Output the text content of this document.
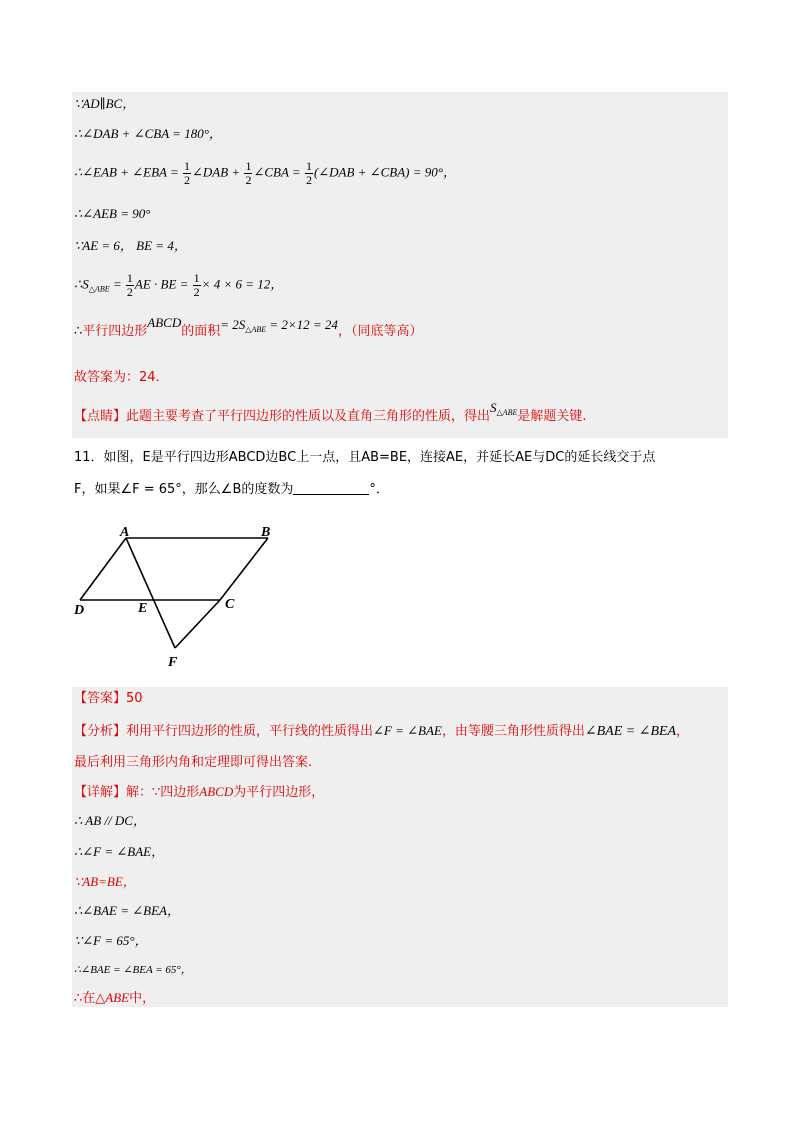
∵AD∥BC，
∴∠DAB + ∠CBA = 180°，
∴∠EAB + ∠EBA = $\frac{1}{2}$ ∠DAB + $\frac{1}{2}$ ∠CBA = $\frac{1}{2}$ (∠DAB + ∠CBA) = 90°，
∴∠AEB = 90°
∵AE = 6， BE = 4，
$\therefore S_{\triangle ABE} = \frac{1}{2}$ AE · BE = $\frac{1}{2} \times 4 \times 6 = 12$，
∴平行四边形ABCD的面积= $2S_{\triangle ABE} = 2\times 12 = 24$，（同底等高）
故答案为：24．
【点睛】此题主要考查了平行四边形的性质以及直角三角形的性质，得出$S_{\triangle ABE}$是解题关键.
11．如图，E是平行四边形ABCD边BC上一点，且AB=BE，连接AE，并延长AE与DC的延长线交于点
F，如果∠F = 65°，那么∠B的度数为	°．
A	B
C
D	E
F
【答案】50
【分析】利用平行四边形的性质，平行线的性质得出∠F = ∠BAE，由等腰三角形性质得出∠BAE = ∠BEA，
最后利用三角形内角和定理即可得出答案.
【详解】解：∵四边形ABCD为平行四边形，
∴ AB // DC，
∴∠F = ∠BAE，
∵AB=BE，
∴∠BAE = ∠BEA，
∵∠F = 65°，
∴∠BAE = ∠BEA = 65°，
∴在△ABE中，
